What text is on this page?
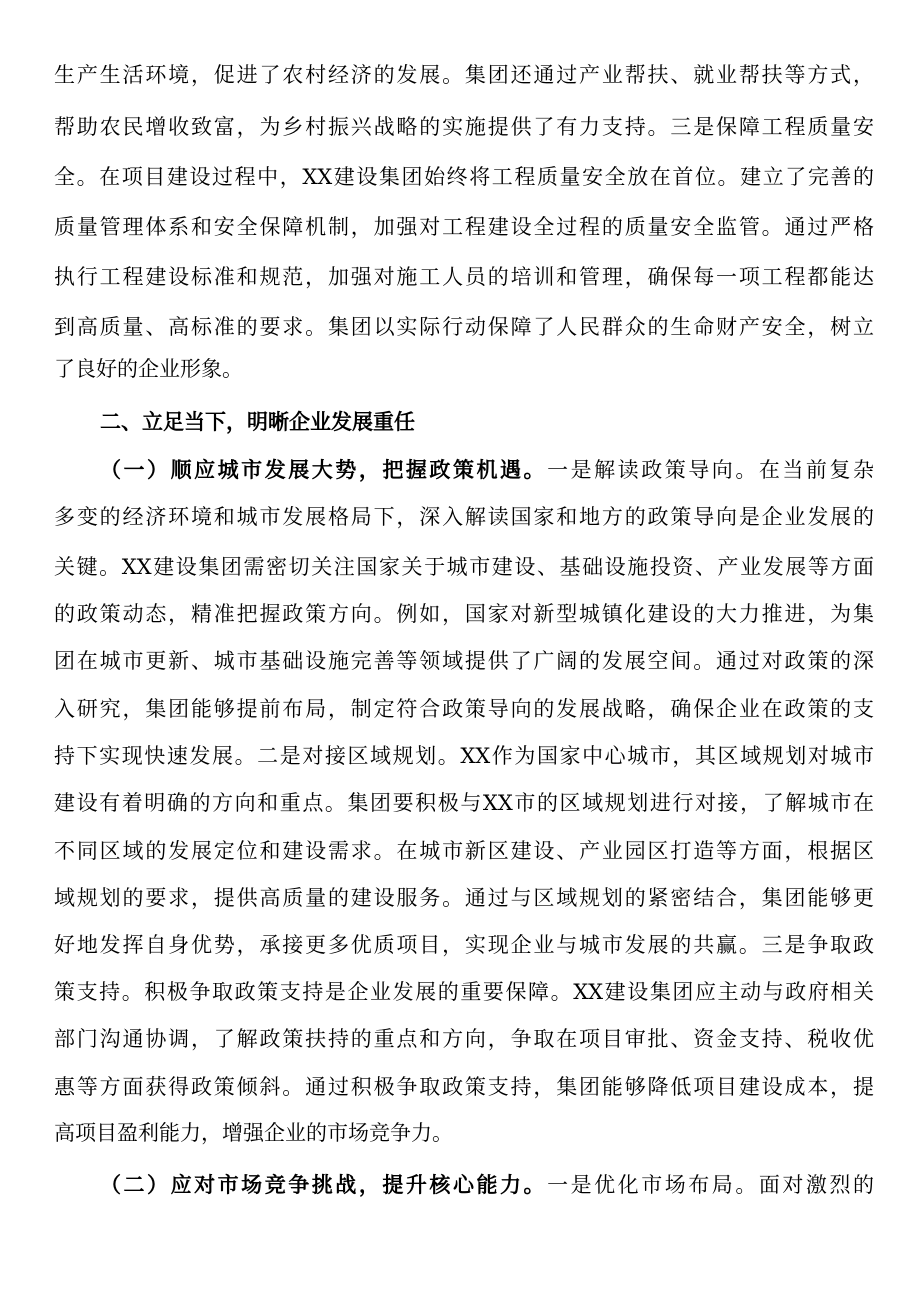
生产生活环境，促进了农村经济的发展。集团还通过产业帮扶、就业帮扶等方式，
帮助农民增收致富，为乡村振兴战略的实施提供了有力支持。三是保障工程质量安
全。在项目建设过程中，XX建设集团始终将工程质量安全放在首位。建立了完善的
质量管理体系和安全保障机制，加强对工程建设全过程的质量安全监管。通过严格
执行工程建设标准和规范，加强对施工人员的培训和管理，确保每一项工程都能达
到高质量、高标准的要求。集团以实际行动保障了人民群众的生命财产安全，树立
了良好的企业形象。
二、立足当下，明晰企业发展重任
（一）顺应城市发展大势，把握政策机遇。一是解读政策导向。在当前复杂
多变的经济环境和城市发展格局下，深入解读国家和地方的政策导向是企业发展的
关键。XX建设集团需密切关注国家关于城市建设、基础设施投资、产业发展等方面
的政策动态，精准把握政策方向。例如，国家对新型城镇化建设的大力推进，为集
团在城市更新、城市基础设施完善等领域提供了广阔的发展空间。通过对政策的深
入研究，集团能够提前布局，制定符合政策导向的发展战略，确保企业在政策的支
持下实现快速发展。二是对接区域规划。XX作为国家中心城市，其区域规划对城市
建设有着明确的方向和重点。集团要积极与XX市的区域规划进行对接，了解城市在
不同区域的发展定位和建设需求。在城市新区建设、产业园区打造等方面，根据区
域规划的要求，提供高质量的建设服务。通过与区域规划的紧密结合，集团能够更
好地发挥自身优势，承接更多优质项目，实现企业与城市发展的共赢。三是争取政
策支持。积极争取政策支持是企业发展的重要保障。XX建设集团应主动与政府相关
部门沟通协调，了解政策扶持的重点和方向，争取在项目审批、资金支持、税收优
惠等方面获得政策倾斜。通过积极争取政策支持，集团能够降低项目建设成本，提
高项目盈利能力，增强企业的市场竞争力。
（二）应对市场竞争挑战，提升核心能力。一是优化市场布局。面对激烈的
